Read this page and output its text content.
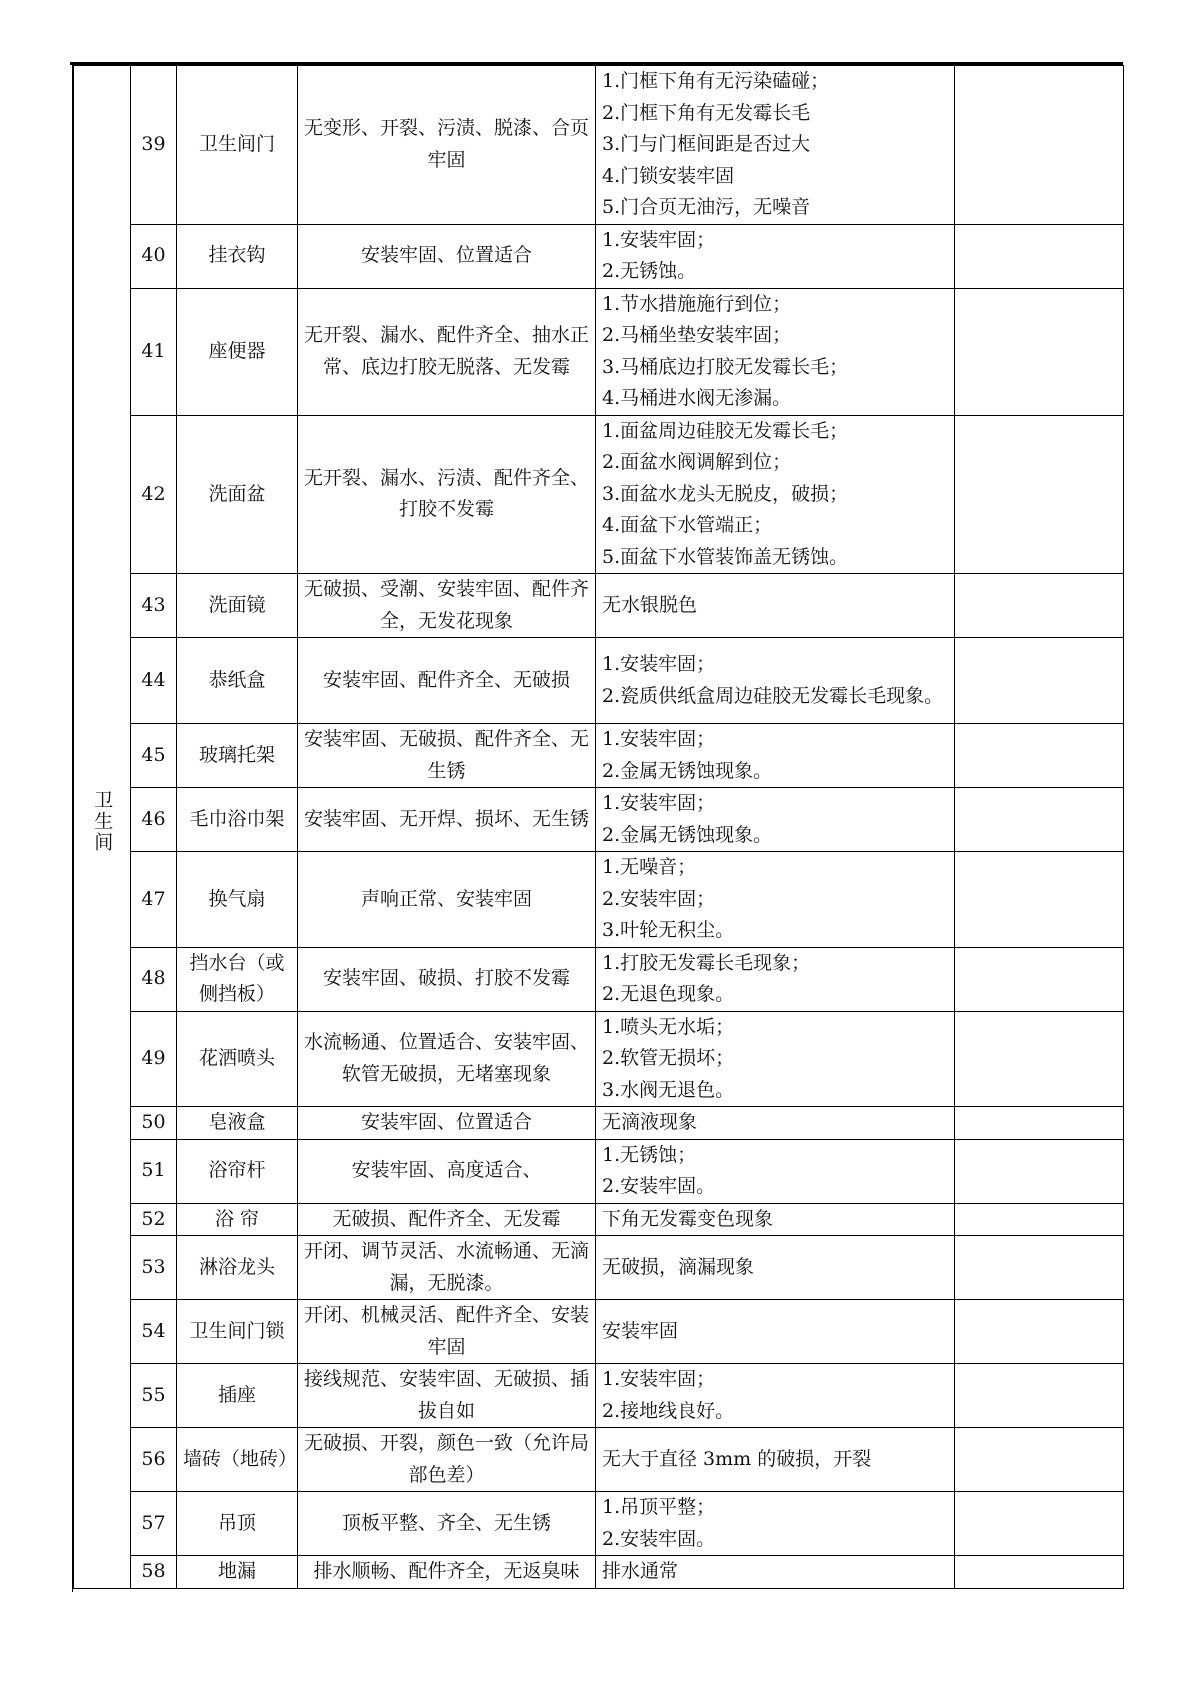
卫生间	39	卫生间门	无变形、开裂、污渍、脱漆、合页牢固	1.门框下角有无污染磕碰；
2.门框下角有无发霉长毛
3.门与门框间距是否过大
4.门锁安装牢固
5.门合页无油污，无噪音	

	40	挂衣钩	安装牢固、位置适合	1.安装牢固；
2.无锈蚀。	

	41	座便器	无开裂、漏水、配件齐全、抽水正常、底边打胶无脱落、无发霉	1.节水措施施行到位；
2.马桶坐垫安装牢固；
3.马桶底边打胶无发霉长毛；
4.马桶进水阀无渗漏。	

	42	洗面盆	无开裂、漏水、污渍、配件齐全、打胶不发霉	1.面盆周边硅胶无发霉长毛；
2.面盆水阀调解到位；
3.面盆水龙头无脱皮，破损；
4.面盆下水管端正；
5.面盆下水管装饰盖无锈蚀。	

	43	洗面镜	无破损、受潮、安装牢固、配件齐全，无发花现象	无水银脱色	

	44	恭纸盒	安装牢固、配件齐全、无破损	1.安装牢固；
2.瓷质供纸盒周边硅胶无发霉长毛现象。	

	45	玻璃托架	安装牢固、无破损、配件齐全、无生锈	1.安装牢固；
2.金属无锈蚀现象。	

	46	毛巾浴巾架	安装牢固、无开焊、损坏、无生锈	1.安装牢固；
2.金属无锈蚀现象。	

	47	换气扇	声响正常、安装牢固	1.无噪音；
2.安装牢固；
3.叶轮无积尘。	

	48	挡水台（或侧挡板）	安装牢固、破损、打胶不发霉	1.打胶无发霉长毛现象；
2.无退色现象。	

	49	花洒喷头	水流畅通、位置适合、安装牢固、软管无破损，无堵塞现象	1.喷头无水垢；
2.软管无损坏；
3.水阀无退色。	

	50	皂液盒	安装牢固、位置适合	无滴液现象	

	51	浴帘杆	安装牢固、高度适合、	1.无锈蚀；
2.安装牢固。	

	52	浴 帘	无破损、配件齐全、无发霉	下角无发霉变色现象	

	53	淋浴龙头	开闭、调节灵活、水流畅通、无滴漏，无脱漆。	无破损，滴漏现象	

	54	卫生间门锁	开闭、机械灵活、配件齐全、安装牢固	安装牢固	

	55	插座	接线规范、安装牢固、无破损、插拔自如	1.安装牢固；
2.接地线良好。	

	56	墙砖（地砖）	无破损、开裂，颜色一致（允许局部色差）	无大于直径 3mm 的破损，开裂	

	57	吊顶	顶板平整、齐全、无生锈	1.吊顶平整；
2.安装牢固。	

	58	地漏	排水顺畅、配件齐全，无返臭味	排水通常	
